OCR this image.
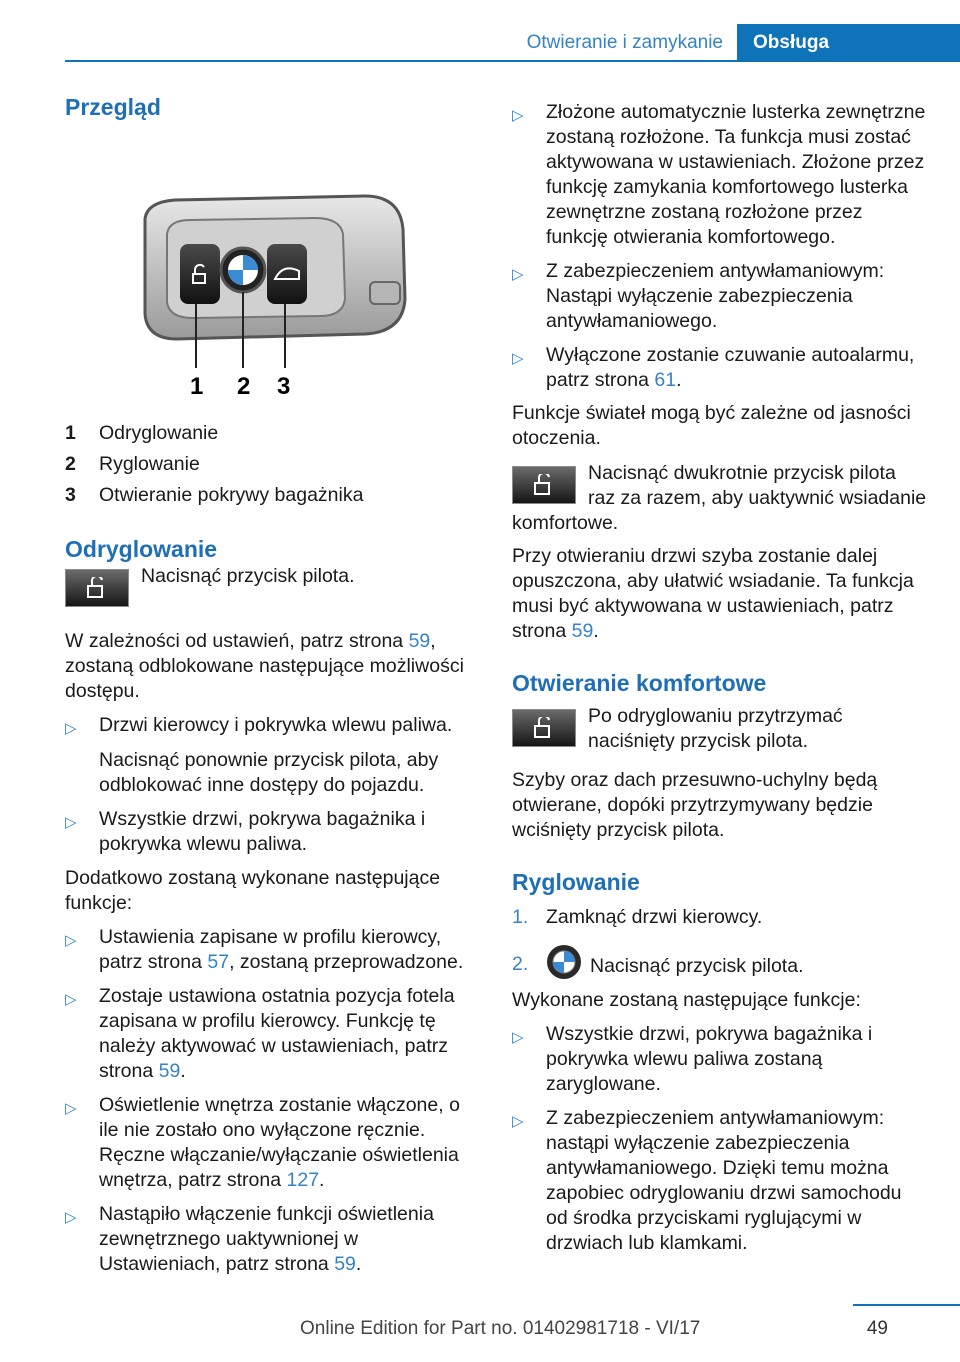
Otwieranie i zamykanie	Obsługa
Przegląd
1 2 3
1	Odryglowanie
2	Ryglowanie
3	Otwieranie pokrywy bagażnika
Odryglowanie
Nacisnąć przycisk pilota.

W zależności od ustawień, patrz strona 59, zostaną odblokowane następujące możliwości dostępu.

▷	Drzwi kierowcy i pokrywka wlewu paliwa.

Nacisnąć ponownie przycisk pilota, aby odblokować inne dostępy do pojazdu.

▷	Wszystkie drzwi, pokrywa bagażnika i pokrywka wlewu paliwa.

Dodatkowo zostaną wykonane następujące funkcje:

▷	Ustawienia zapisane w profilu kierowcy, patrz strona 57, zostaną przeprowadzone.
▷	Zostaje ustawiona ostatnia pozycja fotela zapisana w profilu kierowcy. Funkcję tę należy aktywować w ustawieniach, patrz strona 59.
▷	Oświetlenie wnętrza zostanie włączone, o ile nie zostało ono wyłączone ręcznie. Ręczne włączanie/wyłączanie oświetlenia wnętrza, patrz strona 127.
▷	Nastąpiło włączenie funkcji oświetlenia zewnętrznego uaktywnionej w Ustawieniach, patrz strona 59.
▷	Złożone automatycznie lusterka zewnętrzne zostaną rozłożone. Ta funkcja musi zostać aktywowana w ustawieniach. Złożone przez funkcję zamykania komfortowego lusterka zewnętrzne zostaną rozłożone przez funkcję otwierania komfortowego.
▷	Z zabezpieczeniem antywłamaniowym: Nastąpi wyłączenie zabezpieczenia antywłamaniowego.
▷	Wyłączone zostanie czuwanie autoalarmu, patrz strona 61.

Funkcje świateł mogą być zależne od jasności otoczenia.

Nacisnąć dwukrotnie przycisk pilota raz za razem, aby uaktywnić wsiadanie komfortowe.

Przy otwieraniu drzwi szyba zostanie dalej opuszczona, aby ułatwić wsiadanie. Ta funkcja musi być aktywowana w ustawieniach, patrz strona 59.

Otwieranie komfortowe
Po odryglowaniu przytrzymać naciśnięty przycisk pilota.

Szyby oraz dach przesuwno-uchylny będą otwierane, dopóki przytrzymywany będzie wciśnięty przycisk pilota.

Ryglowanie
1. Zamknąć drzwi kierowcy.
2.	Nacisnąć przycisk pilota.

Wykonane zostaną następujące funkcje:

▷	Wszystkie drzwi, pokrywa bagażnika i pokrywka wlewu paliwa zostaną zaryglowane.
▷	Z zabezpieczeniem antywłamaniowym: nastąpi wyłączenie zabezpieczenia antywłamaniowego. Dzięki temu można zapobiec odryglowaniu drzwi samochodu od środka przyciskami ryglującymi w drzwiach lub klamkami.
49
Online Edition for Part no. 01402981718 - VI/17
